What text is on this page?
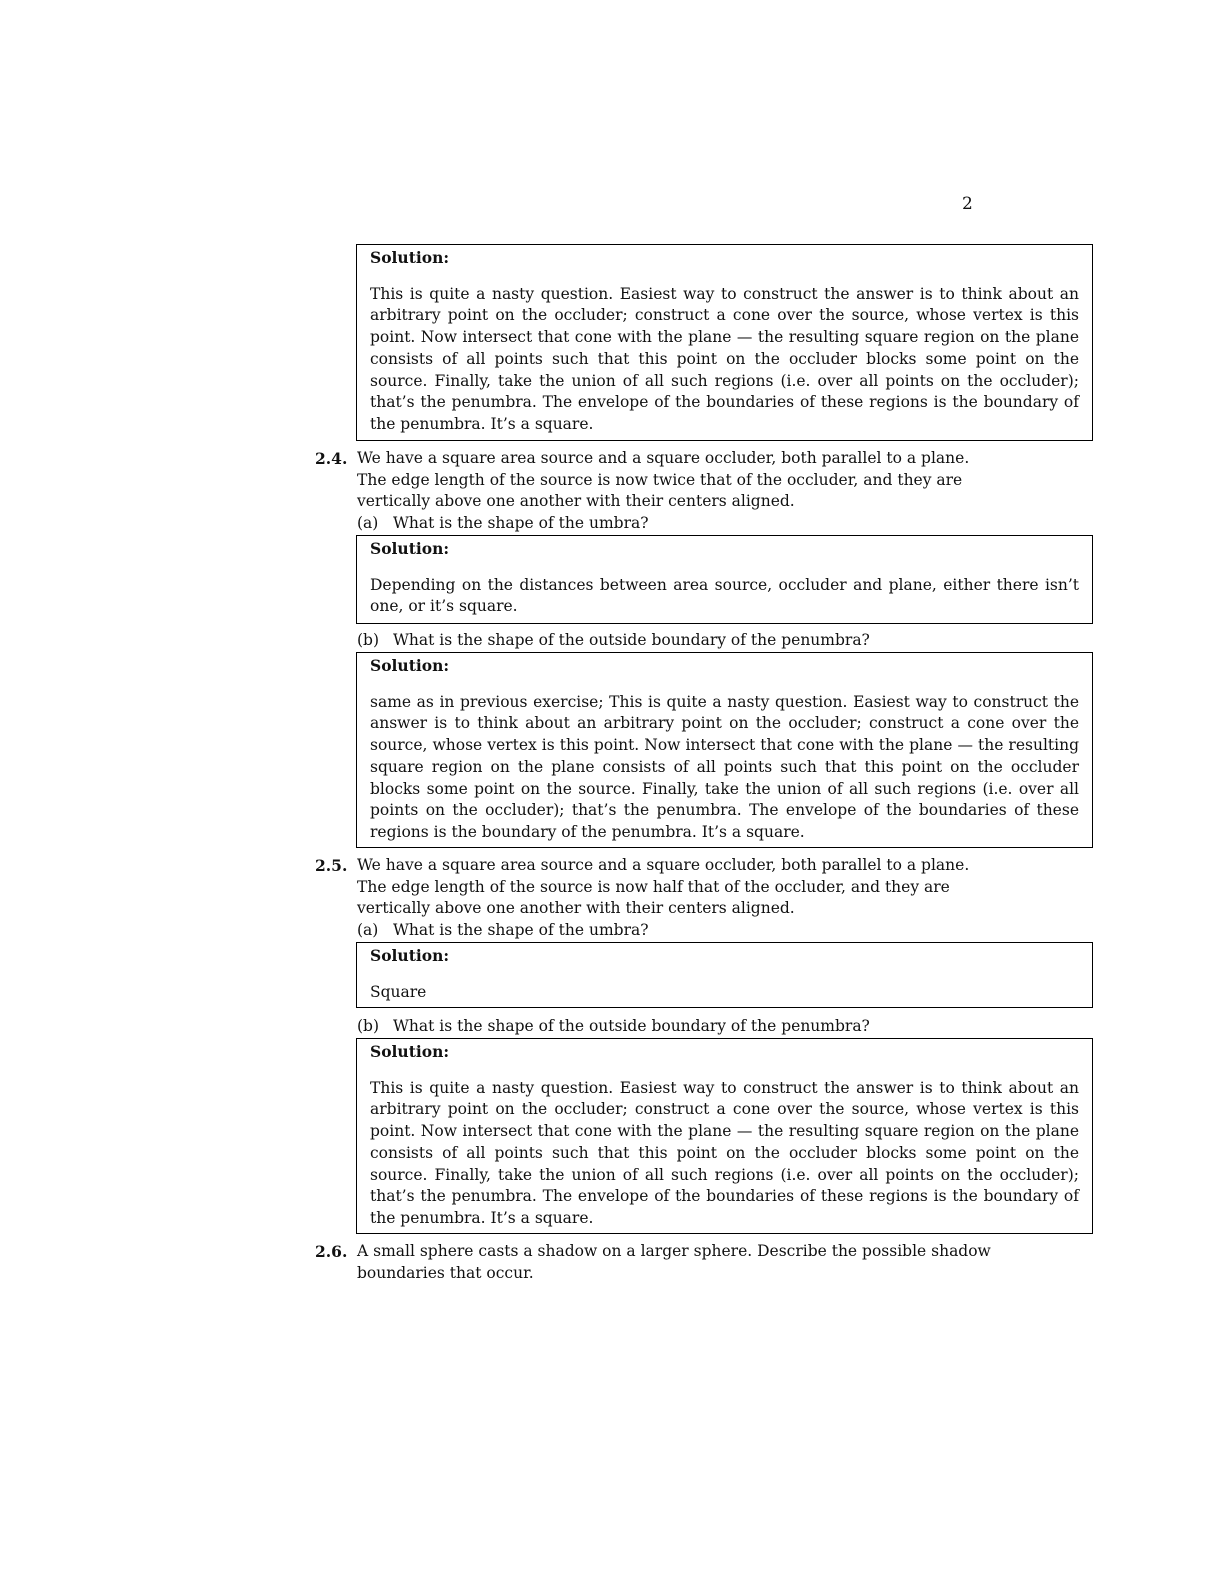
2

Solution:

This is quite a nasty question. Easiest way to construct the answer is to think about an arbitrary point on the occluder; construct a cone over the source, whose vertex is this point. Now intersect that cone with the plane — the resulting square region on the plane consists of all points such that this point on the occluder blocks some point on the source. Finally, take the union of all such regions (i.e. over all points on the occluder); that’s the penumbra. The envelope of the boundaries of these regions is the boundary of the penumbra. It’s a square.

2.4. We have a square area source and a square occluder, both parallel to a plane.
The edge length of the source is now twice that of the occluder, and they are
vertically above one another with their centers aligned.
(a) What is the shape of the umbra?

Solution:

Depending on the distances between area source, occluder and plane, either there isn’t one, or it’s square.

(b) What is the shape of the outside boundary of the penumbra?

Solution:

same as in previous exercise; This is quite a nasty question. Easiest way to construct the answer is to think about an arbitrary point on the occluder; construct a cone over the source, whose vertex is this point. Now intersect that cone with the plane — the resulting square region on the plane consists of all points such that this point on the occluder blocks some point on the source. Finally, take the union of all such regions (i.e. over all points on the occluder); that’s the penumbra. The envelope of the boundaries of these regions is the boundary of the penumbra. It’s a square.

2.5. We have a square area source and a square occluder, both parallel to a plane.
The edge length of the source is now half that of the occluder, and they are
vertically above one another with their centers aligned.
(a) What is the shape of the umbra?

Solution:

Square

(b) What is the shape of the outside boundary of the penumbra?

Solution:

This is quite a nasty question. Easiest way to construct the answer is to think about an arbitrary point on the occluder; construct a cone over the source, whose vertex is this point. Now intersect that cone with the plane — the resulting square region on the plane consists of all points such that this point on the occluder blocks some point on the source. Finally, take the union of all such regions (i.e. over all points on the occluder); that’s the penumbra. The envelope of the boundaries of these regions is the boundary of the penumbra. It’s a square.

2.6. A small sphere casts a shadow on a larger sphere. Describe the possible shadow
boundaries that occur.
